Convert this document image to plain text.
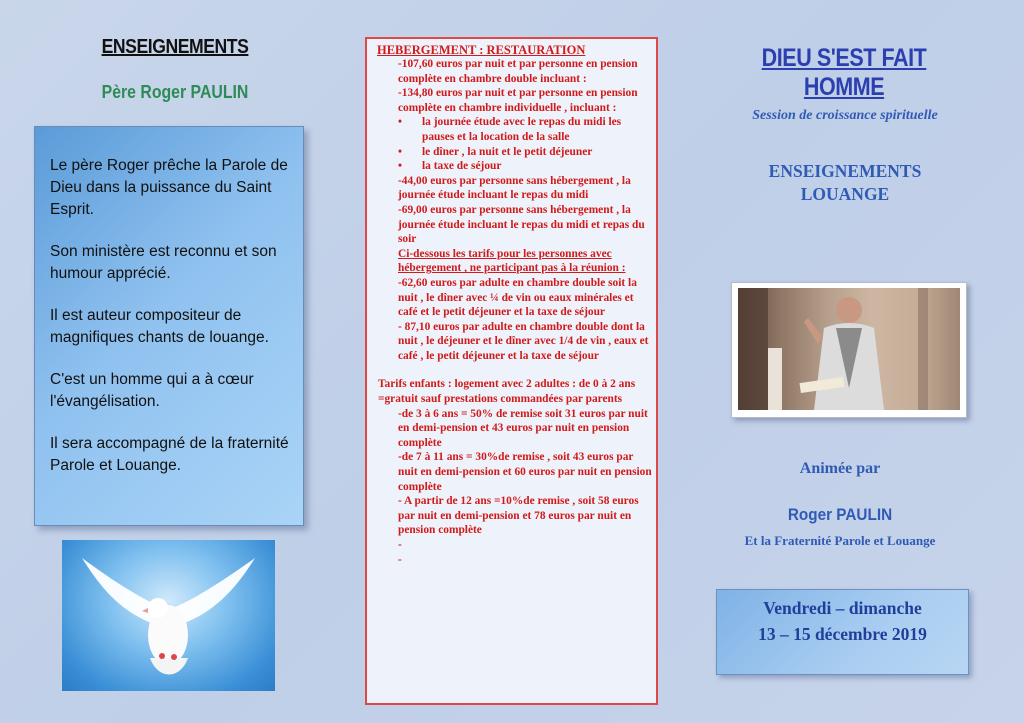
ENSEIGNEMENTS
Père Roger PAULIN

Le père Roger prêche la Parole de Dieu dans la puissance du Saint Esprit.

Son ministère est reconnu et son humour apprécié.

Il est auteur compositeur de magnifiques chants de louange.

C'est un homme qui a à cœur l'évangélisation.

Il sera accompagné de la fraternité Parole et Louange.

HEBERGEMENT : RESTAURATION
-107,60 euros par nuit et par personne en pension complète en chambre double incluant :
-134,80 euros par nuit et par personne en pension complète en chambre individuelle , incluant :
• la journée étude avec le repas du midi les pauses et la location de la salle
• le dîner , la nuit et le petit déjeuner
• la taxe de séjour
-44,00 euros par personne sans hébergement , la journée étude incluant le repas du midi
-69,00 euros par personne sans hébergement , la journée étude incluant le repas du midi et repas du soir
Ci-dessous les tarifs pour les personnes avec hébergement , ne participant pas à la réunion :
-62,60 euros par adulte en chambre double soit la nuit , le dîner avec ¼ de vin ou eaux minérales et café et le petit déjeuner et la taxe de séjour
- 87,10 euros par adulte en chambre double dont la nuit , le déjeuner et le dîner avec 1/4 de vin , eaux et café , le petit déjeuner et la taxe de séjour
Tarifs enfants : logement avec 2 adultes : de 0 à 2 ans =gratuit sauf prestations commandées par parents
-de 3 à 6 ans = 50% de remise soit 31 euros par nuit en demi-pension et 43 euros par nuit en pension complète
-de 7 à 11 ans = 30%de remise , soit 43 euros par nuit en demi-pension et 60 euros par nuit en pension complète
- A partir de 12 ans =10%de remise , soit 58 euros par nuit en demi-pension et 78 euros par nuit en pension complète
-
-
DIEU S'EST FAIT HOMME
Session de croissance spirituelle
ENSEIGNEMENTS
LOUANGE
Animée par
Roger PAULIN
Et la Fraternité Parole et Louange
Vendredi – dimanche
13 – 15 décembre 2019
